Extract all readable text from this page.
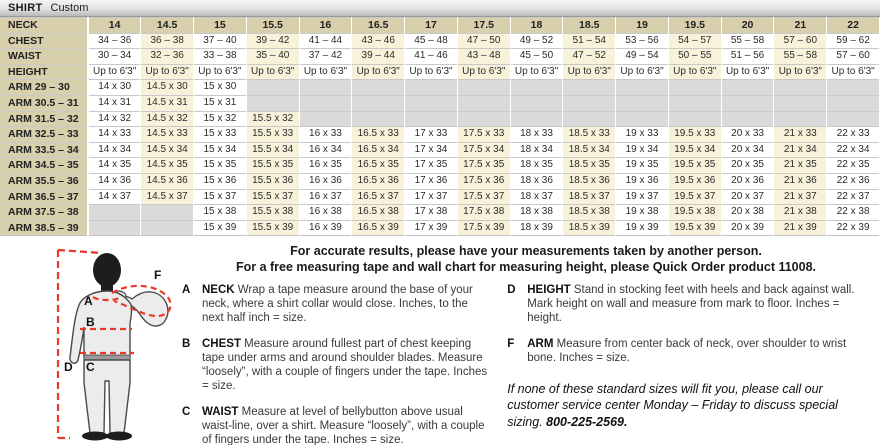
SHIRT Custom
NECK	14	14.5	15	15.5	16	16.5	17	17.5	18	18.5	19	19.5	20	21	22
CHEST	34 – 36	36 – 38	37 – 40	39 – 42	41 – 44	43 – 46	45 – 48	47 – 50	49 – 52	51 – 54	53 – 56	54 – 57	55 – 58	57 – 60	59 – 62
WAIST	30 – 34	32 – 36	33 – 38	35 – 40	37 – 42	39 – 44	41 – 46	43 – 48	45 – 50	47 – 52	49 – 54	50 – 55	51 – 56	55 – 58	57 – 60
HEIGHT	Up to 6'3"	Up to 6'3"	Up to 6'3"	Up to 6'3"	Up to 6'3"	Up to 6'3"	Up to 6'3"	Up to 6'3"	Up to 6'3"	Up to 6'3"	Up to 6'3"	Up to 6'3"	Up to 6'3"	Up to 6'3"	Up to 6'3"
ARM 29 – 30	14 x 30	14.5 x 30	15 x 30												
ARM 30.5 – 31	14 x 31	14.5 x 31	15 x 31												
ARM 31.5 – 32	14 x 32	14.5 x 32	15 x 32	15.5 x 32											
ARM 32.5 – 33	14 x 33	14.5 x 33	15 x 33	15.5 x 33	16 x 33	16.5 x 33	17 x 33	17.5 x 33	18 x 33	18.5 x 33	19 x 33	19.5 x 33	20 x 33	21 x 33	22 x 33
ARM 33.5 – 34	14 x 34	14.5 x 34	15 x 34	15.5 x 34	16 x 34	16.5 x 34	17 x 34	17.5 x 34	18 x 34	18.5 x 34	19 x 34	19.5 x 34	20 x 34	21 x 34	22 x 34
ARM 34.5 – 35	14 x 35	14.5 x 35	15 x 35	15.5 x 35	16 x 35	16.5 x 35	17 x 35	17.5 x 35	18 x 35	18.5 x 35	19 x 35	19.5 x 35	20 x 35	21 x 35	22 x 35
ARM 35.5 – 36	14 x 36	14.5 x 36	15 x 36	15.5 x 36	16 x 36	16.5 x 36	17 x 36	17.5 x 36	18 x 36	18.5 x 36	19 x 36	19.5 x 36	20 x 36	21 x 36	22 x 36
ARM 36.5 – 37	14 x 37	14.5 x 37	15 x 37	15.5 x 37	16 x 37	16.5 x 37	17 x 37	17.5 x 37	18 x 37	18.5 x 37	19 x 37	19.5 x 37	20 x 37	21 x 37	22 x 37
ARM 37.5 – 38			15 x 38	15.5 x 38	16 x 38	16.5 x 38	17 x 38	17.5 x 38	18 x 38	18.5 x 38	19 x 38	19.5 x 38	20 x 38	21 x 38	22 x 38
ARM 38.5 – 39			15 x 39	15.5 x 39	16 x 39	16.5 x 39	17 x 39	17.5 x 39	18 x 39	18.5 x 39	19 x 39	19.5 x 39	20 x 39	21 x 39	22 x 39
A
B
C
D
F
For accurate results, please have your measurements taken by another person.
For a free measuring tape and wall chart for measuring height, please Quick Order product 11008.
A NECK Wrap a tape measure around the base of your neck, where a shirt collar would close. Inches, to the next half inch = size.
B CHEST Measure around fullest part of chest keeping tape under arms and around shoulder blades. Measure “loosely”, with a couple of fingers under the tape. Inches = size.
C WAIST Measure at level of bellybutton above usual waist-line, over a shirt. Measure “loosely”, with a couple of fingers under the tape. Inches = size.
D HEIGHT Stand in stocking feet with heels and back against wall. Mark height on wall and measure from mark to floor. Inches = height.
F ARM Measure from center back of neck, over shoulder to wrist bone. Inches = size.
If none of these standard sizes will fit you, please call our customer service center Monday – Friday to discuss special sizing. 800-225-2569.
